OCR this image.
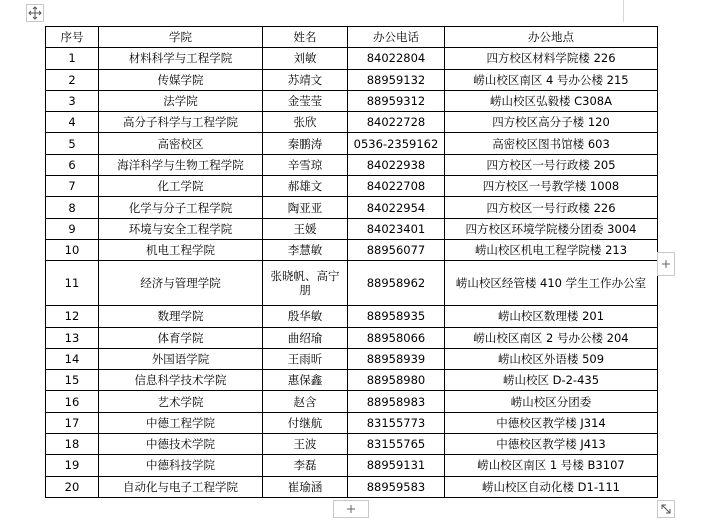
序号	学院	姓名	办公电话	办公地点
1	材料科学与工程学院	刘敏	84022804	四方校区材料学院楼 226
2	传媒学院	苏靖文	88959132	崂山校区南区 4 号办公楼 215
3	法学院	金莹莹	88959312	崂山校区弘毅楼 C308A
4	高分子科学与工程学院	张欣	84022728	四方校区高分子楼 120
5	高密校区	秦鹏涛	0536-2359162	高密校区图书馆楼 603
6	海洋科学与生物工程学院	辛雪琼	84022938	四方校区一号行政楼 205
7	化工学院	郝雄文	84022708	四方校区一号教学楼 1008
8	化学与分子工程学院	陶亚亚	84022954	四方校区一号行政楼 226
9	环境与安全工程学院	王媛	84023401	四方校区环境学院楼分团委 3004
10	机电工程学院	李慧敏	88956077	崂山校区机电工程学院楼 213
11	经济与管理学院	张晓帆、高宁朋	88958962	崂山校区经管楼 410 学生工作办公室
12	数理学院	殷华敏	88958935	崂山校区数理楼 201
13	体育学院	曲绍瑜	88958066	崂山校区南区 2 号办公楼 204
14	外国语学院	王雨昕	88958939	崂山校区外语楼 509
15	信息科学技术学院	惠保鑫	88958980	崂山校区 D-2-435
16	艺术学院	赵含	88958983	崂山校区分团委
17	中德工程学院	付继航	83155773	中德校区教学楼 J314
18	中德技术学院	王波	83155765	中德校区教学楼 J413
19	中德科技学院	李磊	88959131	崂山校区南区 1 号楼 B3107
20	自动化与电子工程学院	崔瑜涵	88959583	崂山校区自动化楼 D1-111
